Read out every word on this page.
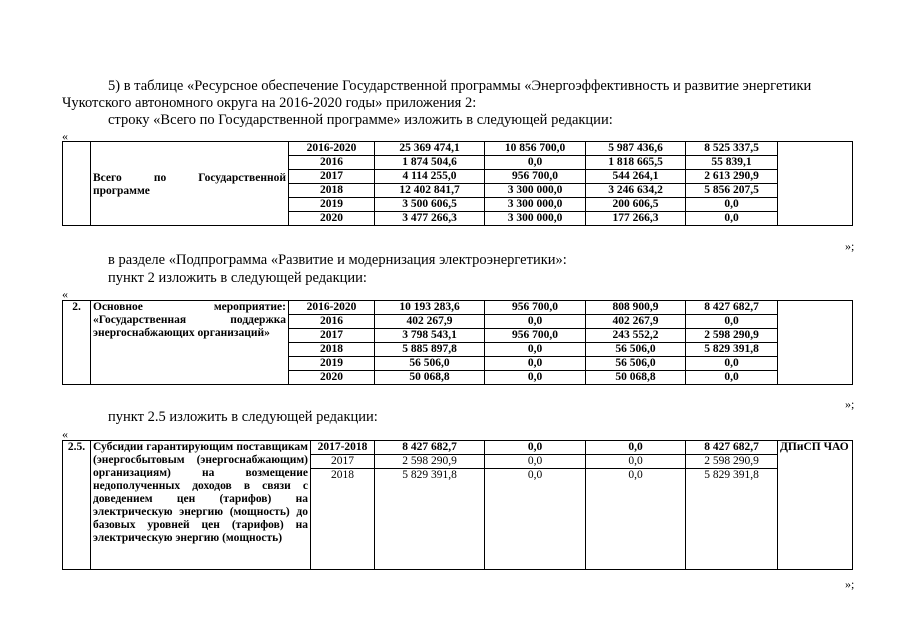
5) в таблице «Ресурсное обеспечение Государственной программы «Энергоэффективность и развитие энергетики
Чукотского автономного округа на 2016-2020 годы» приложения 2:
строку «Всего по Государственной программе» изложить в следующей редакции:
«
	Всего по Государственной программе	2016-2020	25 369 474,1	10 856 700,0	5 987 436,6	8 525 337,5	
		2016	1 874 504,6	0,0	1 818 665,5	55 839,1	
		2017	4 114 255,0	956 700,0	544 264,1	2 613 290,9	
		2018	12 402 841,7	3 300 000,0	3 246 634,2	5 856 207,5	
		2019	3 500 606,5	3 300 000,0	200 606,5	0,0	
		2020	3 477 266,3	3 300 000,0	177 266,3	0,0	
»;
в разделе «Подпрограмма «Развитие и модернизация электроэнергетики»:
пункт 2 изложить в следующей редакции:
«
2.	Основное мероприятие: «Государственная поддержка энергоснабжающих организаций»	2016-2020	10 193 283,6	956 700,0	808 900,9	8 427 682,7	
		2016	402 267,9	0,0	402 267,9	0,0	
		2017	3 798 543,1	956 700,0	243 552,2	2 598 290,9	
		2018	5 885 897,8	0,0	56 506,0	5 829 391,8	
		2019	56 506,0	0,0	56 506,0	0,0	
		2020	50 068,8	0,0	50 068,8	0,0	
»;
пункт 2.5 изложить в следующей редакции:
«
2.5.	Субсидии гарантирующим поставщикам (энергосбытовым (энергоснабжающим) организациям) на возмещение недополученных доходов в связи с доведением цен (тарифов) на электрическую энергию (мощность) до базовых уровней цен (тарифов) на электрическую энергию (мощность)	2017-2018	8 427 682,7	0,0	0,0	8 427 682,7	ДПиСП ЧАО
		2017	2 598 290,9	0,0	0,0	2 598 290,9	
		2018	5 829 391,8	0,0	0,0	5 829 391,8	
»;
